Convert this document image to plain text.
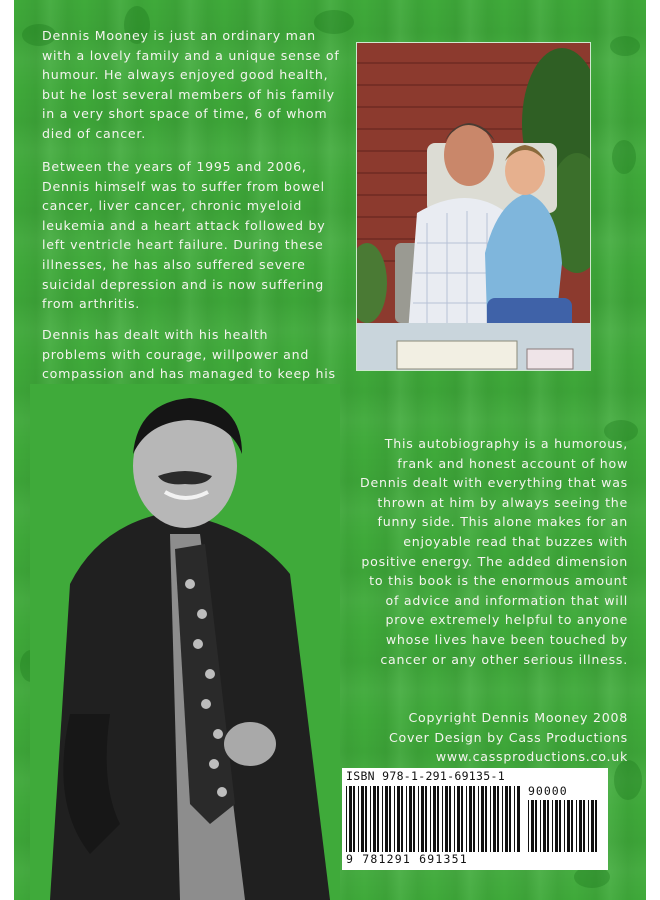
Dennis Mooney is just an ordinary man
with a lovely family and a unique sense of
humour. He always enjoyed good health,
but he lost several members of his family
in a very short space of time, 6 of whom
died of cancer.
Between the years of 1995 and 2006,
Dennis himself was to suffer from bowel
cancer, liver cancer, chronic myeloid
leukemia and a heart attack followed by
left ventricle heart failure. During these
illnesses, he has also suffered severe
suicidal depression and is now suffering
from arthritis.
Dennis has dealt with his health
problems with courage, willpower and
compassion and has managed to keep his
This autobiography is a humorous,
frank and honest account of how
Dennis dealt with everything that was
thrown at him by always seeing the
funny side. This alone makes for an
enjoyable read that buzzes with
positive energy. The added dimension
to this book is the enormous amount
of advice and information that will
prove extremely helpful to anyone
whose lives have been touched by
cancer or any other serious illness.
Copyright Dennis Mooney 2008
Cover Design by Cass Productions
www.cassproductions.co.uk
ISBN 978-1-291-69135-1
90000
9 781291 691351
